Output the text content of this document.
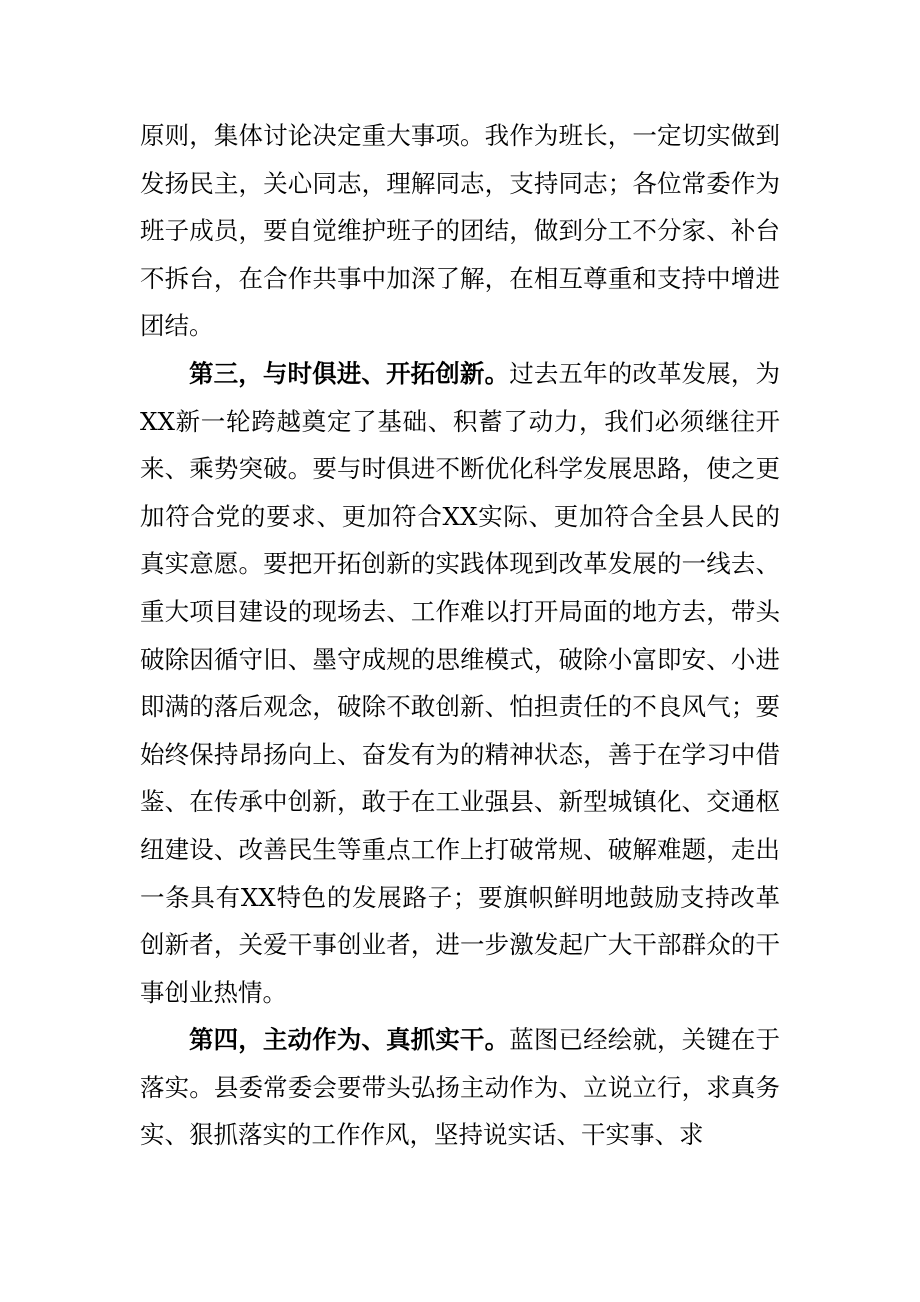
原则，集体讨论决定重大事项。我作为班长，一定切实做到发扬民主，关心同志，理解同志，支持同志；各位常委作为班子成员，要自觉维护班子的团结，做到分工不分家、补台不拆台，在合作共事中加深了解，在相互尊重和支持中增进团结。

第三，与时俱进、开拓创新。过去五年的改革发展，为XX新一轮跨越奠定了基础、积蓄了动力，我们必须继往开来、乘势突破。要与时俱进不断优化科学发展思路，使之更加符合党的要求、更加符合XX实际、更加符合全县人民的真实意愿。要把开拓创新的实践体现到改革发展的一线去、重大项目建设的现场去、工作难以打开局面的地方去，带头破除因循守旧、墨守成规的思维模式，破除小富即安、小进即满的落后观念，破除不敢创新、怕担责任的不良风气；要始终保持昂扬向上、奋发有为的精神状态，善于在学习中借鉴、在传承中创新，敢于在工业强县、新型城镇化、交通枢纽建设、改善民生等重点工作上打破常规、破解难题，走出一条具有XX特色的发展路子；要旗帜鲜明地鼓励支持改革创新者，关爱干事创业者，进一步激发起广大干部群众的干事创业热情。

第四，主动作为、真抓实干。蓝图已经绘就，关键在于落实。县委常委会要带头弘扬主动作为、立说立行，求真务实、狠抓落实的工作作风，坚持说实话、干实事、求
